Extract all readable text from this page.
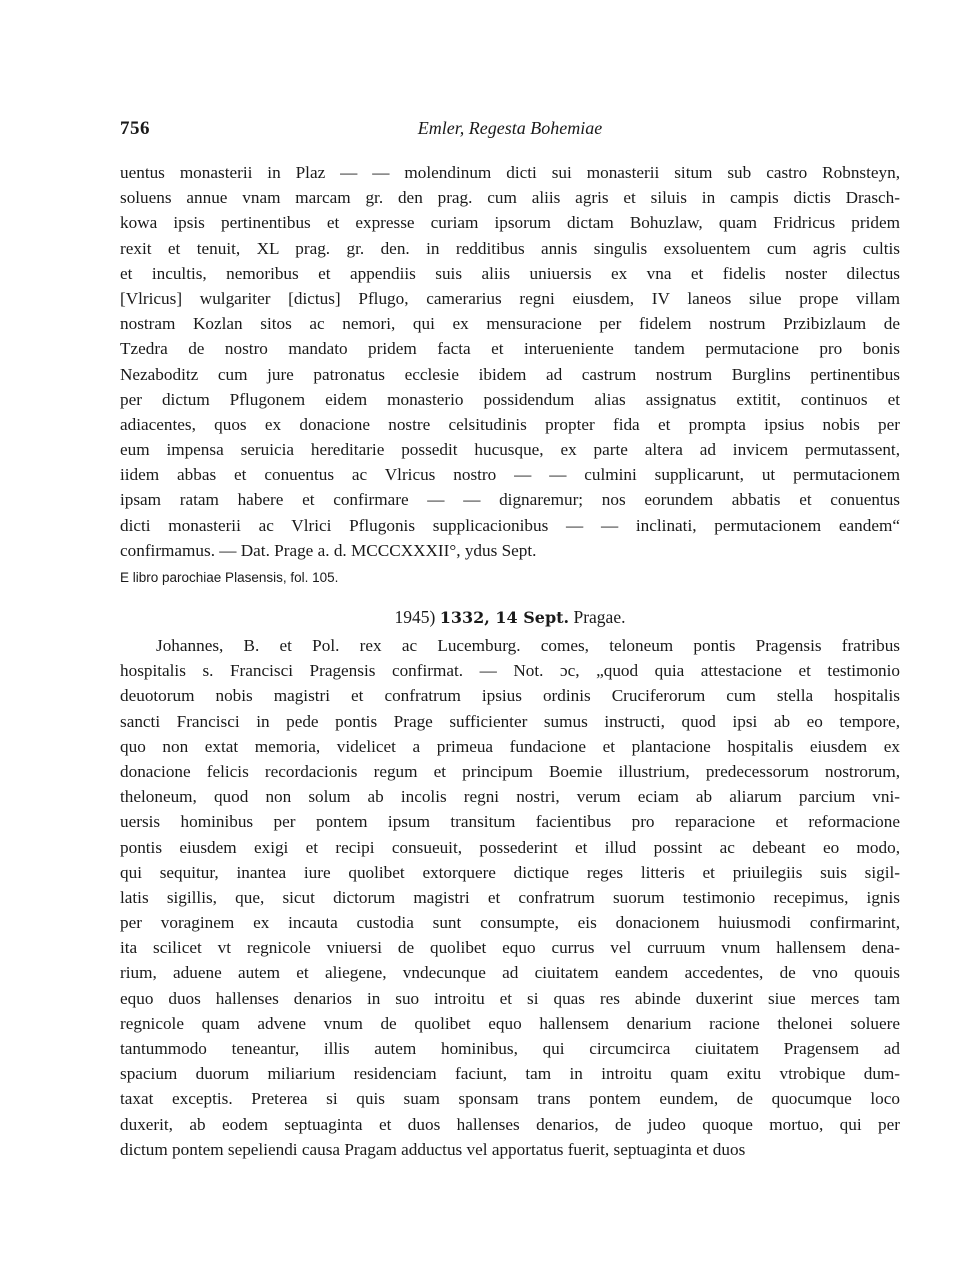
756	Emler, Regesta Bohemiae
uentus monasterii in Plaz — — molendinum dicti sui monasterii situm sub castro Robnsteyn,
soluens annue vnam marcam gr. den prag. cum aliis agris et siluis in campis dictis Drasch-
kowa ipsis pertinentibus et expresse curiam ipsorum dictam Bohuzlaw, quam Fridricus pridem
rexit et tenuit, XL prag. gr. den. in redditibus annis singulis exsoluentem cum agris cultis
et incultis, nemoribus et appendiis suis aliis uniuersis ex vna et fidelis noster dilectus
[Vlricus] wulgariter [dictus] Pflugo, camerarius regni eiusdem, IV laneos silue prope villam
nostram Kozlan sitos ac nemori, qui ex mensuracione per fidelem nostrum Przibizlaum de
Tzedra de nostro mandato pridem facta et interueniente tandem permutacione pro bonis
Nezaboditz cum jure patronatus ecclesie ibidem ad castrum nostrum Burglins pertinentibus
per dictum Pflugonem eidem monasterio possidendum alias assignatus extitit, continuos et
adiacentes, quos ex donacione nostre celsitudinis propter fida et prompta ipsius nobis per
eum impensa seruicia hereditarie possedit hucusque, ex parte altera ad invicem permutassent,
iidem abbas et conuentus ac Vlricus nostro — — culmini supplicarunt, ut permutacionem
ipsam ratam habere et confirmare — — dignaremur; nos eorundem abbatis et conuentus
dicti monasterii ac Vlrici Pflugonis supplicacionibus — — inclinati, permutacionem eandem“
confirmamus. — Dat. Prage a. d. MCCCXXXII°, ydus Sept.
E libro parochiae Plasensis, fol. 105.
1945) 1332, 14 Sept. Pragae.
Johannes, B. et Pol. rex ac Lucemburg. comes, teloneum pontis Pragensis fratribus
hospitalis s. Francisci Pragensis confirmat. — Not. ɔc, „quod quia attestacione et testimonio
deuotorum nobis magistri et confratrum ipsius ordinis Cruciferorum cum stella hospitalis
sancti Francisci in pede pontis Prage sufficienter sumus instructi, quod ipsi ab eo tempore,
quo non extat memoria, videlicet a primeua fundacione et plantacione hospitalis eiusdem ex
donacione felicis recordacionis regum et principum Boemie illustrium, predecessorum nostrorum,
theloneum, quod non solum ab incolis regni nostri, verum eciam ab aliarum parcium vni-
uersis hominibus per pontem ipsum transitum facientibus pro reparacione et reformacione
pontis eiusdem exigi et recipi consueuit, possederint et illud possint ac debeant eo modo,
qui sequitur, inantea iure quolibet extorquere dictique reges litteris et priuilegiis suis sigil-
latis sigillis, que, sicut dictorum magistri et confratrum suorum testimonio recepimus, ignis
per voraginem ex incauta custodia sunt consumpte, eis donacionem huiusmodi confirmarint,
ita scilicet vt regnicole vniuersi de quolibet equo currus vel curruum vnum hallensem dena-
rium, aduene autem et aliegene, vndecunque ad ciuitatem eandem accedentes, de vno quouis
equo duos hallenses denarios in suo introitu et si quas res abinde duxerint siue merces tam
regnicole quam advene vnum de quolibet equo hallensem denarium racione thelonei soluere
tantummodo teneantur, illis autem hominibus, qui circumcirca ciuitatem Pragensem ad
spacium duorum miliarium residenciam faciunt, tam in introitu quam exitu vtrobique dum-
taxat exceptis. Preterea si quis suam sponsam trans pontem eundem, de quocumque loco
duxerit, ab eodem septuaginta et duos hallenses denarios, de judeo quoque mortuo, qui per
dictum pontem sepeliendi causa Pragam adductus vel apportatus fuerit, septuaginta et duos
